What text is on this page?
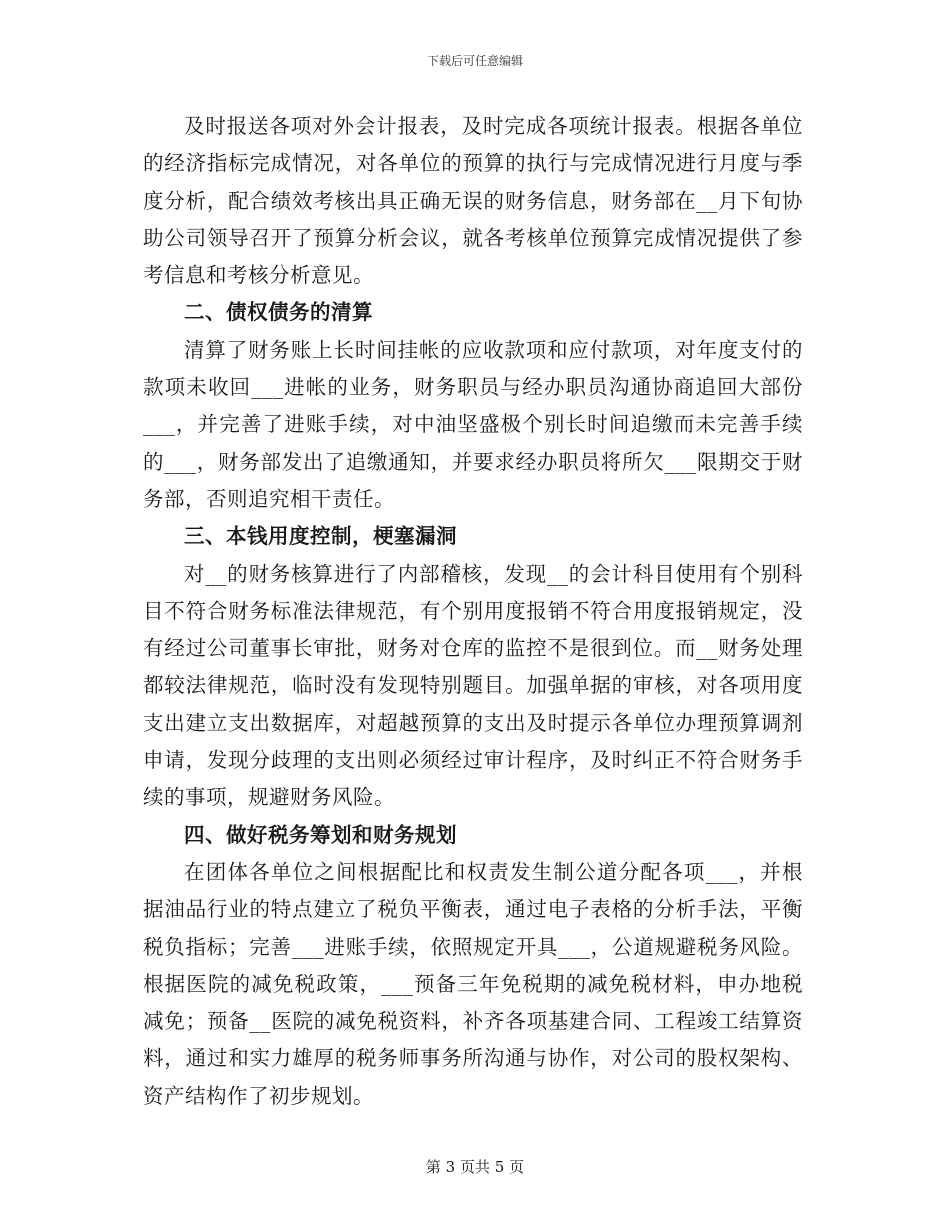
下载后可任意编辑

及时报送各项对外会计报表，及时完成各项统计报表。根据各单位的经济指标完成情况，对各单位的预算的执行与完成情况进行月度与季度分析，配合绩效考核出具正确无误的财务信息，财务部在__月下旬协助公司领导召开了预算分析会议，就各考核单位预算完成情况提供了参考信息和考核分析意见。

二、债权债务的清算

清算了财务账上长时间挂帐的应收款项和应付款项，对年度支付的款项未收回___进帐的业务，财务职员与经办职员沟通协商追回大部份___，并完善了进账手续，对中油坚盛极个别长时间追缴而未完善手续的___，财务部发出了追缴通知，并要求经办职员将所欠___限期交于财务部，否则追究相干责任。

三、本钱用度控制，梗塞漏洞

对__的财务核算进行了内部稽核，发现__的会计科目使用有个别科目不符合财务标准法律规范，有个别用度报销不符合用度报销规定，没有经过公司董事长审批，财务对仓库的监控不是很到位。而__财务处理都较法律规范，临时没有发现特别题目。加强单据的审核，对各项用度支出建立支出数据库，对超越预算的支出及时提示各单位办理预算调剂申请，发现分歧理的支出则必须经过审计程序，及时纠正不符合财务手续的事项，规避财务风险。

四、做好税务筹划和财务规划

在团体各单位之间根据配比和权责发生制公道分配各项___，并根据油品行业的特点建立了税负平衡表，通过电子表格的分析手法，平衡税负指标；完善___进账手续，依照规定开具___，公道规避税务风险。根据医院的减免税政策，___预备三年免税期的减免税材料，申办地税减免；预备__医院的减免税资料，补齐各项基建合同、工程竣工结算资料，通过和实力雄厚的税务师事务所沟通与协作，对公司的股权架构、资产结构作了初步规划。

第 3 页共 5 页
